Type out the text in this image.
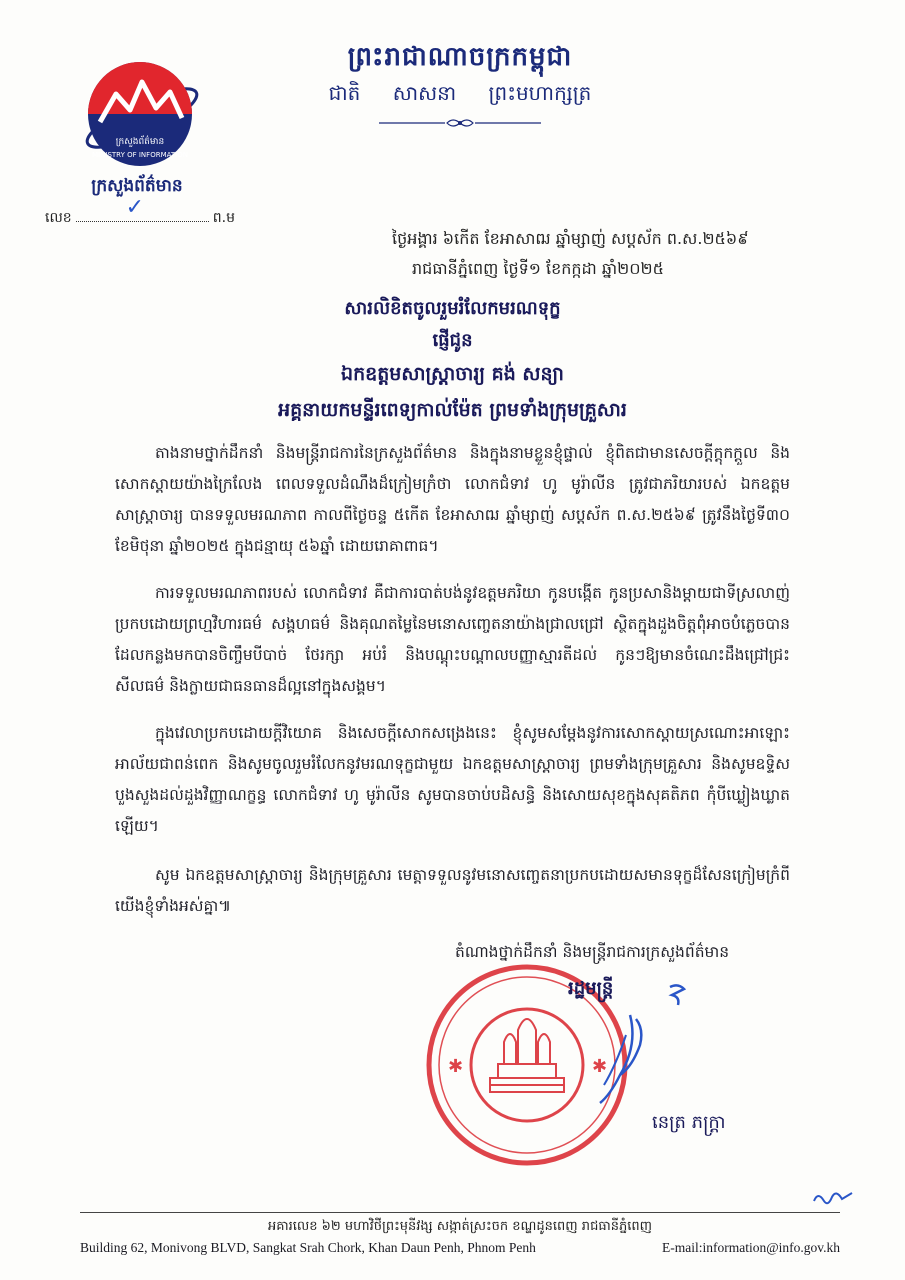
ក្រសួងព័ត៌មាន
MINISTRY OF INFORMATION
ក្រសួងព័ត៌មាន
លេខ ✓	ព.ម
ព្រះរាជាណាចក្រកម្ពុជា
ជាតិ សាសនា ព្រះមហាក្សត្រ
ថ្ងៃអង្គារ ៦កើត ខែអាសាឍ ឆ្នាំម្សាញ់ សប្តស័ក ព.ស.២៥៦៩
រាជធានីភ្នំពេញ ថ្ងៃទី១ ខែកក្កដា ឆ្នាំ២០២៥
សារលិខិតចូលរួមរំលែកមរណទុក្ខ
ផ្ញើជូន
ឯកឧត្តមសាស្ត្រាចារ្យ គង់ សន្យា
អគ្គនាយកមន្ទីរពេទ្យកាល់ម៉ែត ព្រមទាំងក្រុមគ្រួសារ
តាងនាមថ្នាក់ដឹកនាំ និងមន្ត្រីរាជការនៃក្រសួងព័ត៌មាន និងក្នុងនាមខ្លួនខ្ញុំផ្ទាល់ ខ្ញុំពិតជាមានសេចក្តីក្តុកក្តួល និងសោកស្តាយយ៉ាងក្រៃលែង ពេលទទួលដំណឹងដ៏ក្រៀមក្រំថា លោកជំទាវ ហូ មូរ៉ាលីន ត្រូវជាភរិយារបស់ ឯកឧត្តមសាស្ត្រាចារ្យ បានទទួលមរណភាព កាលពីថ្ងៃចន្ទ ៥កើត ខែអាសាឍ ឆ្នាំម្សាញ់ សប្តស័ក ព.ស.២៥៦៩ ត្រូវនឹងថ្ងៃទី៣០ ខែមិថុនា ឆ្នាំ២០២៥ ក្នុងជន្មាយុ ៥៦ឆ្នាំ ដោយរោគាពាធ។
ការទទួលមរណភាពរបស់ លោកជំទាវ គឺជាការបាត់បង់នូវឧត្តមភរិយា កូនបង្កើត កូនប្រសានិងម្តាយជាទីស្រលាញ់ប្រកបដោយព្រហ្មវិហារធម៌ សង្គហធម៌ និងគុណតម្លៃនៃមនោសញ្ចេតនាយ៉ាងជ្រាលជ្រៅ ស្ថិតក្នុងដួងចិត្តពុំអាចបំភ្លេចបាន ដែលកន្លងមកបានចិញ្ចឹមបីបាច់ ថែរក្សា អប់រំ និងបណ្តុះបណ្តាលបញ្ញាស្មារតីដល់ កូនៗឱ្យមានចំណេះដឹងជ្រៅជ្រះ សីលធម៌ និងក្លាយជាធនធានដ៏ល្អនៅក្នុងសង្គម។
ក្នុងវេលាប្រកបដោយក្តីវិយោគ និងសេចក្តីសោកសង្រេងនេះ ខ្ញុំសូមសម្តែងនូវការសោកស្តាយស្រណោះអាឡោះអាល័យជាពន់ពេក និងសូមចូលរួមរំលែកនូវមរណទុក្ខជាមួយ ឯកឧត្តមសាស្ត្រាចារ្យ ព្រមទាំងក្រុមគ្រួសារ និងសូមឧទ្ទិសបួងសួងដល់ដួងវិញ្ញាណក្ខន្ធ លោកជំទាវ ហូ មូរ៉ាលីន សូមបានចាប់បដិសន្ធិ និងសោយសុខក្នុងសុគតិភព កុំបីឃ្លៀងឃ្លាតឡើយ។
សូម ឯកឧត្តមសាស្ត្រាចារ្យ និងក្រុមគ្រួសារ មេត្តាទទួលនូវមនោសញ្ចេតនាប្រកបដោយសមានទុក្ខដ៏សែនក្រៀមក្រំពីយើងខ្ញុំទាំងអស់គ្នា៕
តំណាងថ្នាក់ដឹកនាំ និងមន្ត្រីរាជការក្រសួងព័ត៌មាន
✱	✱
រដ្ឋមន្ត្រី
នេត្រ ភក្ត្រា
អគារលេខ ៦២ មហាវិថីព្រះមុនីវង្ស សង្កាត់ស្រះចក ខណ្ឌដូនពេញ រាជធានីភ្នំពេញ
Building 62, Monivong BLVD, Sangkat Srah Chork, Khan Daun Penh, Phnom Penh	E-mail:information@info.gov.kh
